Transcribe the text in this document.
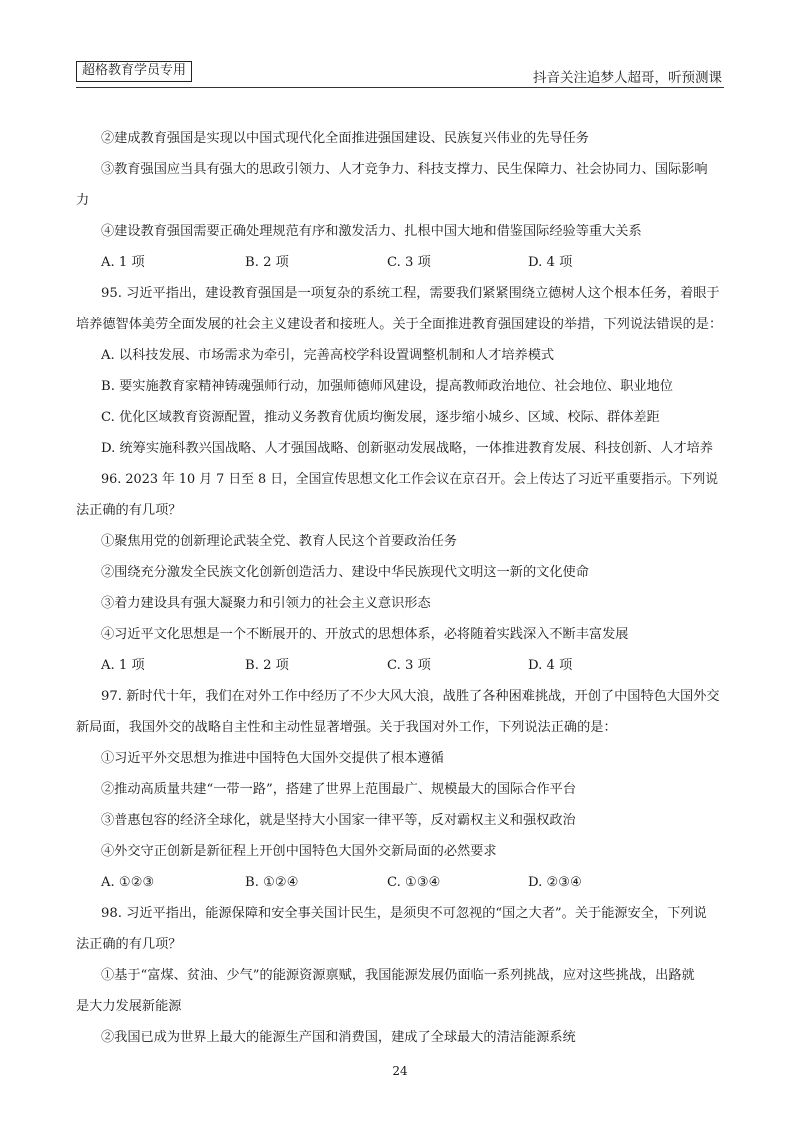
超格教育学员专用	抖音关注追梦人超哥，听预测课
②建成教育强国是实现以中国式现代化全面推进强国建设、民族复兴伟业的先导任务
③教育强国应当具有强大的思政引领力、人才竞争力、科技支撑力、民生保障力、社会协同力、国际影响
力
④建设教育强国需要正确处理规范有序和激发活力、扎根中国大地和借鉴国际经验等重大关系
A. 1 项	B. 2 项	C. 3 项	D. 4 项
95. 习近平指出，建设教育强国是一项复杂的系统工程，需要我们紧紧围绕立德树人这个根本任务，着眼于
培养德智体美劳全面发展的社会主义建设者和接班人。关于全面推进教育强国建设的举措，下列说法错误的是：
A. 以科技发展、市场需求为牵引，完善高校学科设置调整机制和人才培养模式
B. 要实施教育家精神铸魂强师行动，加强师德师风建设，提高教师政治地位、社会地位、职业地位
C. 优化区域教育资源配置，推动义务教育优质均衡发展，逐步缩小城乡、区域、校际、群体差距
D. 统筹实施科教兴国战略、人才强国战略、创新驱动发展战略，一体推进教育发展、科技创新、人才培养
96. 2023 年 10 月 7 日至 8 日，全国宣传思想文化工作会议在京召开。会上传达了习近平重要指示。下列说
法正确的有几项？
①聚焦用党的创新理论武装全党、教育人民这个首要政治任务
②围绕充分激发全民族文化创新创造活力、建设中华民族现代文明这一新的文化使命
③着力建设具有强大凝聚力和引领力的社会主义意识形态
④习近平文化思想是一个不断展开的、开放式的思想体系，必将随着实践深入不断丰富发展
A. 1 项	B. 2 项	C. 3 项	D. 4 项
97. 新时代十年，我们在对外工作中经历了不少大风大浪，战胜了各种困难挑战，开创了中国特色大国外交
新局面，我国外交的战略自主性和主动性显著增强。关于我国对外工作，下列说法正确的是：
①习近平外交思想为推进中国特色大国外交提供了根本遵循
②推动高质量共建“一带一路”，搭建了世界上范围最广、规模最大的国际合作平台
③普惠包容的经济全球化，就是坚持大小国家一律平等，反对霸权主义和强权政治
④外交守正创新是新征程上开创中国特色大国外交新局面的必然要求
A. ①②③	B. ①②④	C. ①③④	D. ②③④
98. 习近平指出，能源保障和安全事关国计民生，是须臾不可忽视的“国之大者”。关于能源安全，下列说
法正确的有几项？
①基于“富煤、贫油、少气”的能源资源禀赋，我国能源发展仍面临一系列挑战，应对这些挑战，出路就
是大力发展新能源
②我国已成为世界上最大的能源生产国和消费国，建成了全球最大的清洁能源系统
24
